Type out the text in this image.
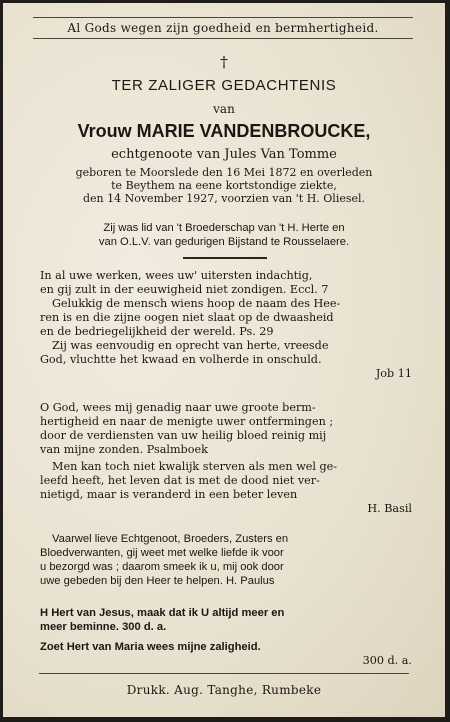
Al Gods wegen zijn goedheid en bermhertigheid.
†
TER ZALIGER GEDACHTENIS
van
Vrouw MARIE VANDENBROUCKE,
echtgenoote van Jules Van Tomme
geboren te Moorslede den 16 Mei 1872 en overleden
te Beythem na eene kortstondige ziekte,
den 14 November 1927, voorzien van 't H. Oliesel.
Zij was lid van 't Broederschap van 't H. Herte en
van O.L.V. van gedurigen Bijstand te Rousselaere.
In al uwe werken, wees uw' uitersten indachtig,
en gij zult in der eeuwigheid niet zondigen. Eccl. 7
Gelukkig de mensch wiens hoop de naam des Hee-
ren is en die zijne oogen niet slaat op de dwaasheid
en de bedriegelijkheid der wereld. Ps. 29
Zij was eenvoudig en oprecht van herte, vreesde
God, vluchtte het kwaad en volherde in onschuld.
Job 11
O God, wees mij genadig naar uwe groote berm-
hertigheid en naar de menigte uwer ontfermingen ;
door de verdiensten van uw heilig bloed reinig mij
van mijne zonden. Psalmboek
Men kan toch niet kwalijk sterven als men wel ge-
leefd heeft, het leven dat is met de dood niet ver-
nietigd, maar is veranderd in een beter leven
H. Basil
Vaarwel lieve Echtgenoot, Broeders, Zusters en
Bloedverwanten, gij weet met welke liefde ik voor
u bezorgd was ; daarom smeek ik u, mij ook door
uwe gebeden bij den Heer te helpen. H. Paulus
H Hert van Jesus, maak dat ik U altijd meer en
meer beminne. 300 d. a.
Zoet Hert van Maria wees mijne zaligheid.
300 d. a.
Drukk. Aug. Tanghe, Rumbeke
